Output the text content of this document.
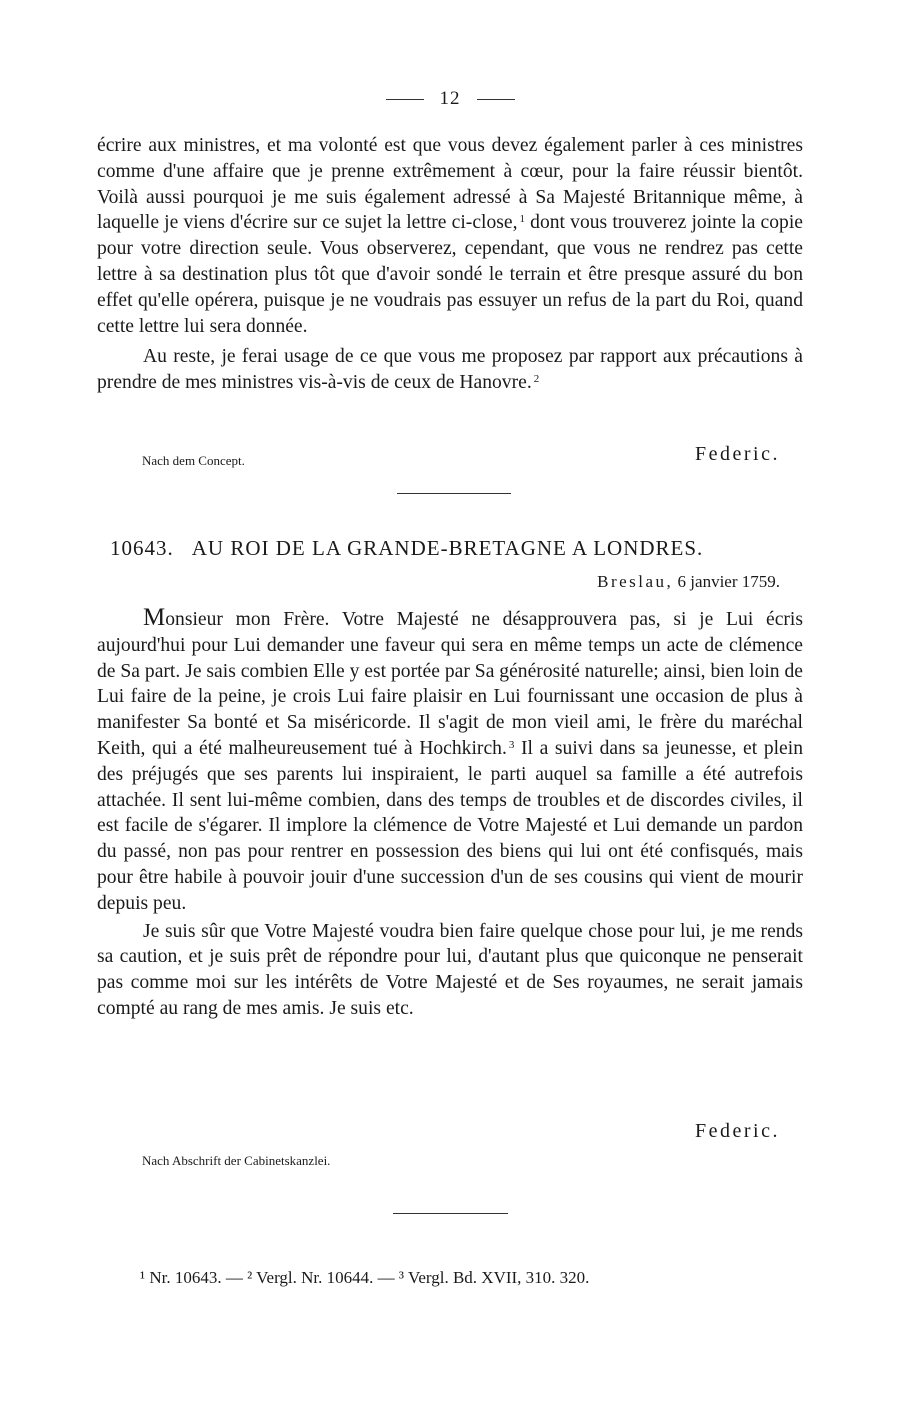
12

écrire aux ministres, et ma volonté est que vous devez également parler à ces ministres comme d'une affaire que je prenne extrêmement à cœur, pour la faire réussir bientôt. Voilà aussi pourquoi je me suis également adressé à Sa Majesté Britannique même, à laquelle je viens d'écrire sur ce sujet la lettre ci-close, $^1$ dont vous trouverez jointe la copie pour votre direction seule. Vous observerez, cependant, que vous ne rendrez pas cette lettre à sa destination plus tôt que d'avoir sondé le terrain et être presque assuré du bon effet qu'elle opérera, puisque je ne voudrais pas essuyer un refus de la part du Roi, quand cette lettre lui sera donnée.

Au reste, je ferai usage de ce que vous me proposez par rapport aux précautions à prendre de mes ministres vis-à-vis de ceux de Hanovre. $^2$

Nach dem Concept.	Federic.
10643. AU ROI DE LA GRANDE-BRETAGNE A LONDRES.
Breslau, 6 janvier 1759.

Monsieur mon Frère. Votre Majesté ne désapprouvera pas, si je Lui écris aujourd'hui pour Lui demander une faveur qui sera en même temps un acte de clémence de Sa part. Je sais combien Elle y est portée par Sa générosité naturelle; ainsi, bien loin de Lui faire de la peine, je crois Lui faire plaisir en Lui fournissant une occasion de plus à manifester Sa bonté et Sa miséricorde. Il s'agit de mon vieil ami, le frère du maréchal Keith, qui a été malheureusement tué à Hochkirch. $^3$ Il a suivi dans sa jeunesse, et plein des préjugés que ses parents lui inspiraient, le parti auquel sa famille a été autrefois attachée. Il sent lui-même combien, dans des temps de troubles et de discordes civiles, il est facile de s'égarer. Il implore la clémence de Votre Majesté et Lui demande un pardon du passé, non pas pour rentrer en possession des biens qui lui ont été confisqués, mais pour être habile à pouvoir jouir d'une succession d'un de ses cousins qui vient de mourir depuis peu.

Je suis sûr que Votre Majesté voudra bien faire quelque chose pour lui, je me rends sa caution, et je suis prêt de répondre pour lui, d'autant plus que quiconque ne penserait pas comme moi sur les intérêts de Votre Majesté et de Ses royaumes, ne serait jamais compté au rang de mes amis. Je suis etc.

Federic.
Nach Abschrift der Cabinetskanzlei.
¹ Nr. 10643. — ² Vergl. Nr. 10644. — ³ Vergl. Bd. XVII, 310. 320.
